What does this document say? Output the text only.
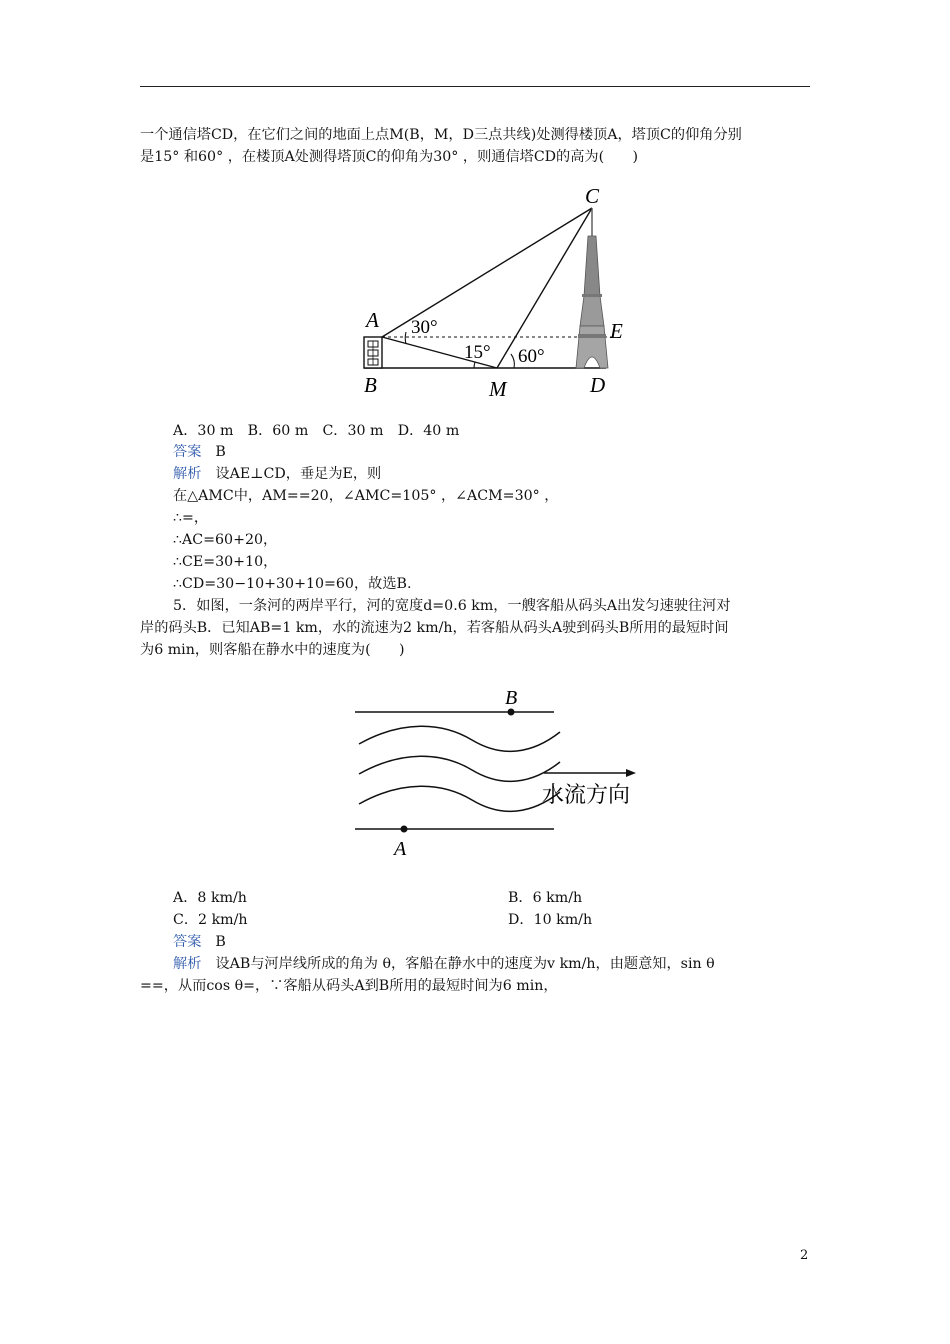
一个通信塔CD，在它们之间的地面上点M(B，M，D三点共线)处测得楼顶A，塔顶C的仰角分别
是15° 和60° ，在楼顶A处测得塔顶C的仰角为30° ，则通信塔CD的高为(　　)
A
B
C
D
E
M
30°
15° 60°
A．30 m　B．60 m　C．30 m　D．40 m
答案 B
解析 设AE⊥CD，垂足为E，则
在△AMC中，AM==20，∠AMC=105° ，∠ACM=30° ，
∴=，
∴AC=60+20，
∴CE=30+10，
∴CD=30−10+30+10=60，故选B.
5．如图，一条河的两岸平行，河的宽度d=0.6 km，一艘客船从码头A出发匀速驶往河对
岸的码头B．已知AB=1 km，水的流速为2 km/h，若客船从码头A驶到码头B所用的最短时间
为6 min，则客船在静水中的速度为(　　)
B
A
水流方向
A．8 km/h	B．6 km/h
C．2 km/h	D．10 km/h
答案 B
解析 设AB与河岸线所成的角为 θ，客船在静水中的速度为v km/h，由题意知，sin θ
==，从而cos θ=，∵客船从码头A到B所用的最短时间为6 min，
2
